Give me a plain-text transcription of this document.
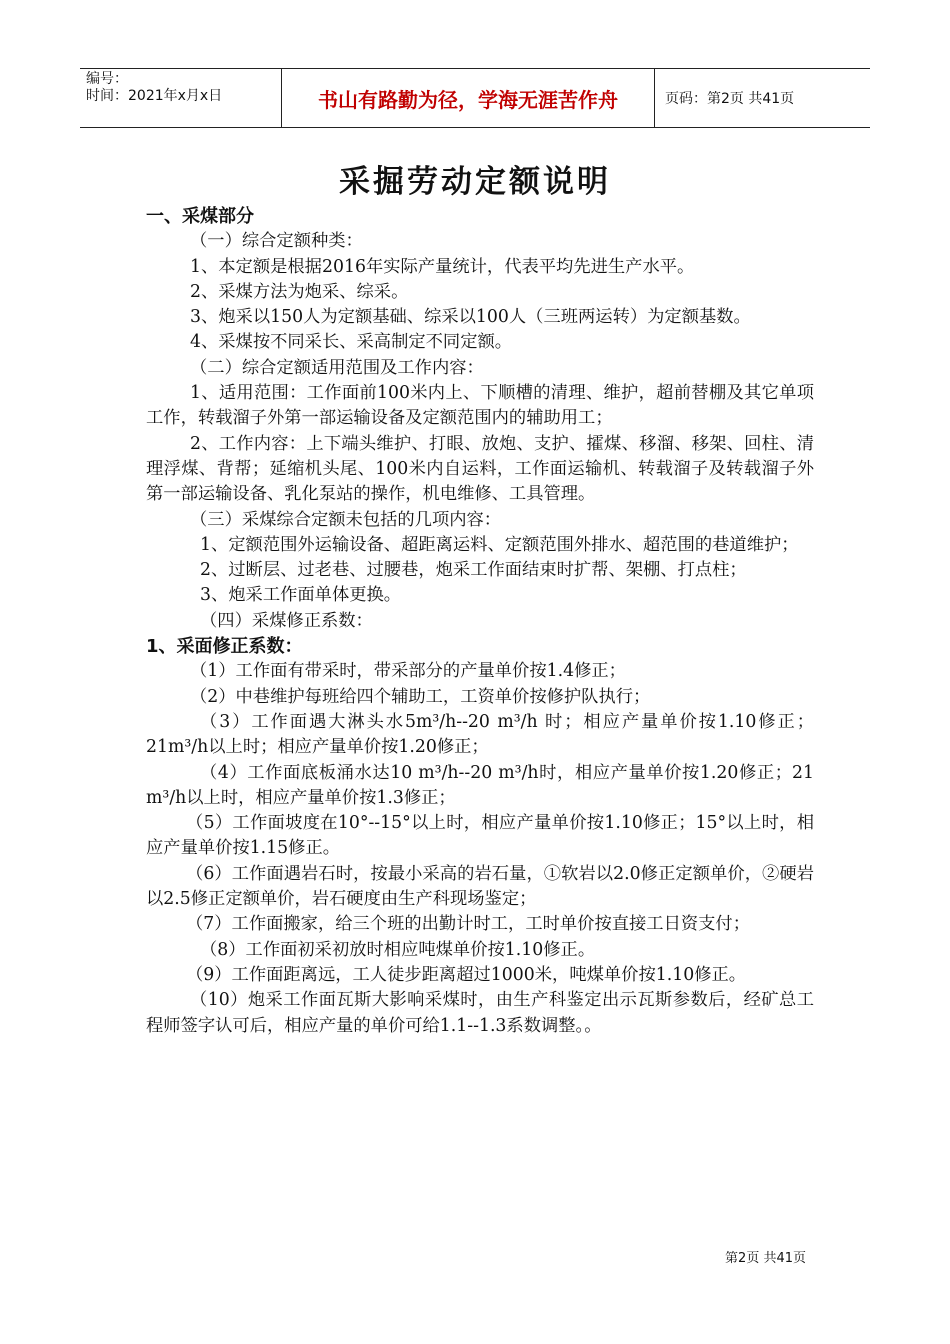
编号：
时间：2021年x月x日	书山有路勤为径，学海无涯苦作舟	页码：第2页 共41页
采掘劳动定额说明

一、采煤部分

（一）综合定额种类：

1、本定额是根据2016年实际产量统计，代表平均先进生产水平。

2、采煤方法为炮采、综采。

3、炮采以150人为定额基础、综采以100人（三班两运转）为定额基数。

4、采煤按不同采长、采高制定不同定额。

（二）综合定额适用范围及工作内容：

1、适用范围：工作面前100米内上、下顺槽的清理、维护，超前替棚及其它单项工作，转载溜子外第一部运输设备及定额范围内的辅助用工；

2、工作内容：上下端头维护、打眼、放炮、支护、攉煤、移溜、移架、回柱、清理浮煤、背帮；延缩机头尾、100米内自运料，工作面运输机、转载溜子及转载溜子外第一部运输设备、乳化泵站的操作，机电维修、工具管理。

（三）采煤综合定额未包括的几项内容：

1、定额范围外运输设备、超距离运料、定额范围外排水、超范围的巷道维护；

2、过断层、过老巷、过腰巷，炮采工作面结束时扩帮、架棚、打点柱；

3、炮采工作面单体更换。

（四）采煤修正系数：

1、采面修正系数：

（1）工作面有带采时，带采部分的产量单价按1.4修正；

（2）中巷维护每班给四个辅助工，工资单价按修护队执行；

（3）工作面遇大淋头水5m³/h--20 m³/h 时；相应产量单价按1.10修正；21m³/h以上时；相应产量单价按1.20修正；

（4）工作面底板涌水达10 m³/h--20 m³/h时，相应产量单价按1.20修正；21 m³/h以上时，相应产量单价按1.3修正；

（5）工作面坡度在10°--15°以上时，相应产量单价按1.10修正；15°以上时，相应产量单价按1.15修正。

（6）工作面遇岩石时，按最小采高的岩石量，①软岩以2.0修正定额单价，②硬岩以2.5修正定额单价，岩石硬度由生产科现场鉴定；

（7）工作面搬家，给三个班的出勤计时工，工时单价按直接工日资支付；

（8）工作面初采初放时相应吨煤单价按1.10修正。

（9）工作面距离远，工人徒步距离超过1000米，吨煤单价按1.10修正。

（10）炮采工作面瓦斯大影响采煤时，由生产科鉴定出示瓦斯参数后，经矿总工程师签字认可后，相应产量的单价可给1.1--1.3系数调整。。

第2页 共41页
